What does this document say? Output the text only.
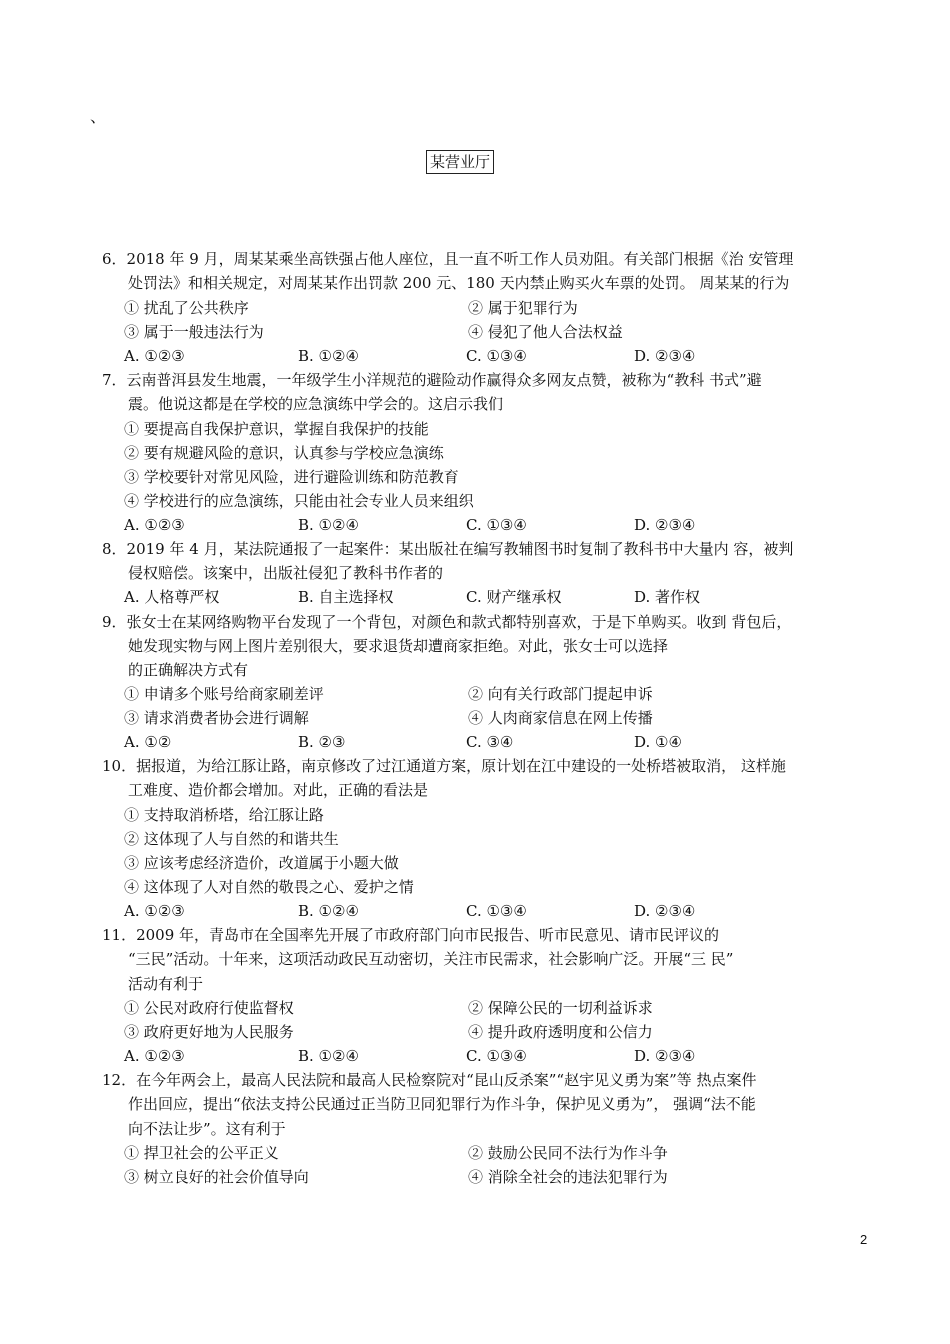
、
某营业厅
6．2018 年 9 月，周某某乘坐高铁强占他人座位，且一直不听工作人员劝阻。有关部门根据《治 安管理
处罚法》和相关规定，对周某某作出罚款 200 元、180 天内禁止购买火车票的处罚。 周某某的行为
① 扰乱了公共秩序	② 属于犯罪行为
③ 属于一般违法行为	④ 侵犯了他人合法权益
A. ①②③	B. ①②④	C. ①③④	D. ②③④
7．云南普洱县发生地震，一年级学生小洋规范的避险动作赢得众多网友点赞，被称为“教科 书式”避
震。他说这都是在学校的应急演练中学会的。这启示我们
① 要提高自我保护意识，掌握自我保护的技能
② 要有规避风险的意识，认真参与学校应急演练
③ 学校要针对常见风险，进行避险训练和防范教育
④ 学校进行的应急演练，只能由社会专业人员来组织
A. ①②③	B. ①②④	C. ①③④	D. ②③④
8．2019 年 4 月，某法院通报了一起案件：某出版社在编写教辅图书时复制了教科书中大量内 容，被判
侵权赔偿。该案中，出版社侵犯了教科书作者的
A. 人格尊严权	B. 自主选择权	C. 财产继承权	D. 著作权
9．张女士在某网络购物平台发现了一个背包，对颜色和款式都特别喜欢，于是下单购买。收到 背包后，
她发现实物与网上图片差别很大，要求退货却遭商家拒绝。对此，张女士可以选择
的正确解决方式有
① 申请多个账号给商家刷差评	② 向有关行政部门提起申诉
③ 请求消费者协会进行调解	④ 人肉商家信息在网上传播
A. ①②	B. ②③	C. ③④	D. ①④
10．据报道，为给江豚让路，南京修改了过江通道方案，原计划在江中建设的一处桥塔被取消， 这样施
工难度、造价都会增加。对此，正确的看法是
① 支持取消桥塔，给江豚让路
② 这体现了人与自然的和谐共生
③ 应该考虑经济造价，改道属于小题大做
④ 这体现了人对自然的敬畏之心、爱护之情
A. ①②③	B. ①②④	C. ①③④	D. ②③④
11．2009 年，青岛市在全国率先开展了市政府部门向市民报告、听市民意见、请市民评议的
“三民”活动。十年来，这项活动政民互动密切，关注市民需求，社会影响广泛。开展“三 民”
活动有利于
① 公民对政府行使监督权	② 保障公民的一切利益诉求
③ 政府更好地为人民服务	④ 提升政府透明度和公信力
A. ①②③	B. ①②④	C. ①③④	D. ②③④
12．在今年两会上，最高人民法院和最高人民检察院对“昆山反杀案”“赵宇见义勇为案”等 热点案件
作出回应，提出“依法支持公民通过正当防卫同犯罪行为作斗争，保护见义勇为”， 强调“法不能
向不法让步”。这有利于
① 捍卫社会的公平正义	② 鼓励公民同不法行为作斗争
③ 树立良好的社会价值导向	④ 消除全社会的违法犯罪行为
2
